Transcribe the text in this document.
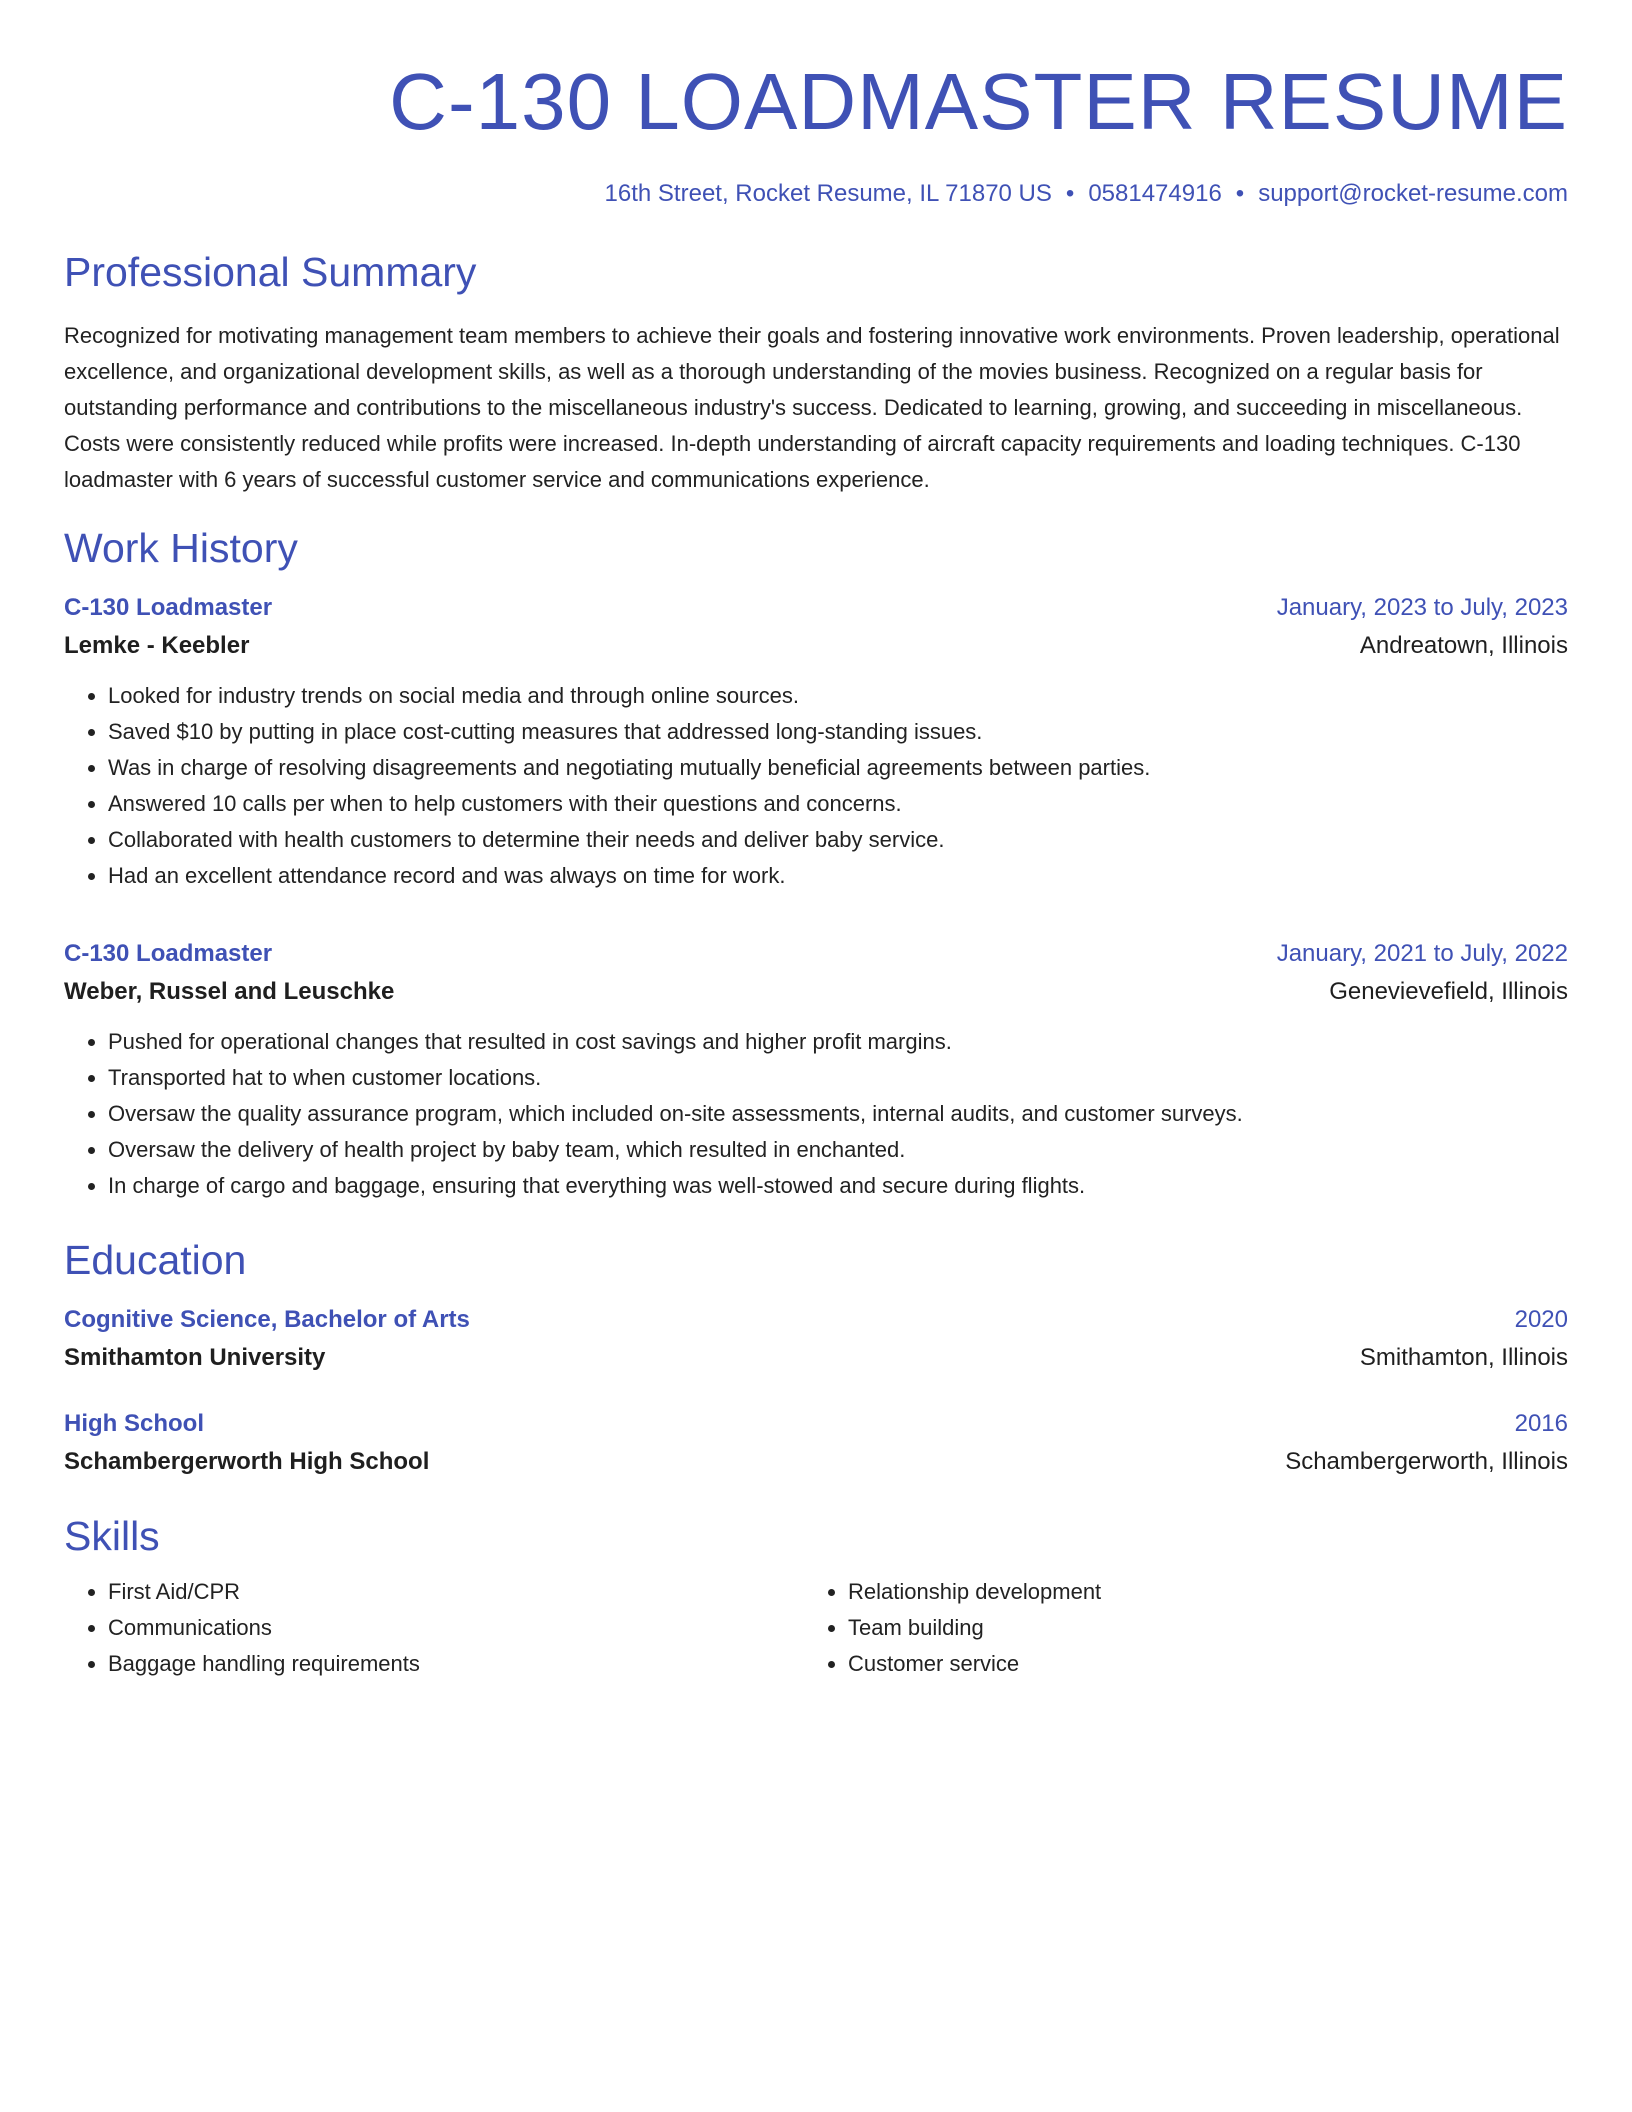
C-130 LOADMASTER RESUME
16th Street, Rocket Resume, IL 71870 US • 0581474916 • support@rocket-resume.com
Professional Summary

Recognized for motivating management team members to achieve their goals and fostering innovative work environments. Proven leadership, operational excellence, and organizational development skills, as well as a thorough understanding of the movies business. Recognized on a regular basis for outstanding performance and contributions to the miscellaneous industry's success. Dedicated to learning, growing, and succeeding in miscellaneous. Costs were consistently reduced while profits were increased. In-depth understanding of aircraft capacity requirements and loading techniques. C-130 loadmaster with 6 years of successful customer service and communications experience.

Work History
C-130 Loadmaster	January, 2023 to July, 2023
Lemke - Keebler	Andreatown, Illinois
• Looked for industry trends on social media and through online sources.
• Saved $10 by putting in place cost-cutting measures that addressed long-standing issues.
• Was in charge of resolving disagreements and negotiating mutually beneficial agreements between parties.
• Answered 10 calls per when to help customers with their questions and concerns.
• Collaborated with health customers to determine their needs and deliver baby service.
• Had an excellent attendance record and was always on time for work.
C-130 Loadmaster	January, 2021 to July, 2022
Weber, Russel and Leuschke	Genevievefield, Illinois
• Pushed for operational changes that resulted in cost savings and higher profit margins.
• Transported hat to when customer locations.
• Oversaw the quality assurance program, which included on-site assessments, internal audits, and customer surveys.
• Oversaw the delivery of health project by baby team, which resulted in enchanted.
• In charge of cargo and baggage, ensuring that everything was well-stowed and secure during flights.
Education
Cognitive Science, Bachelor of Arts	2020
Smithamton University	Smithamton, Illinois
High School	2016
Schambergerworth High School	Schambergerworth, Illinois
Skills
• First Aid/CPR
• Communications
• Baggage handling requirements
• Relationship development
• Team building
• Customer service
